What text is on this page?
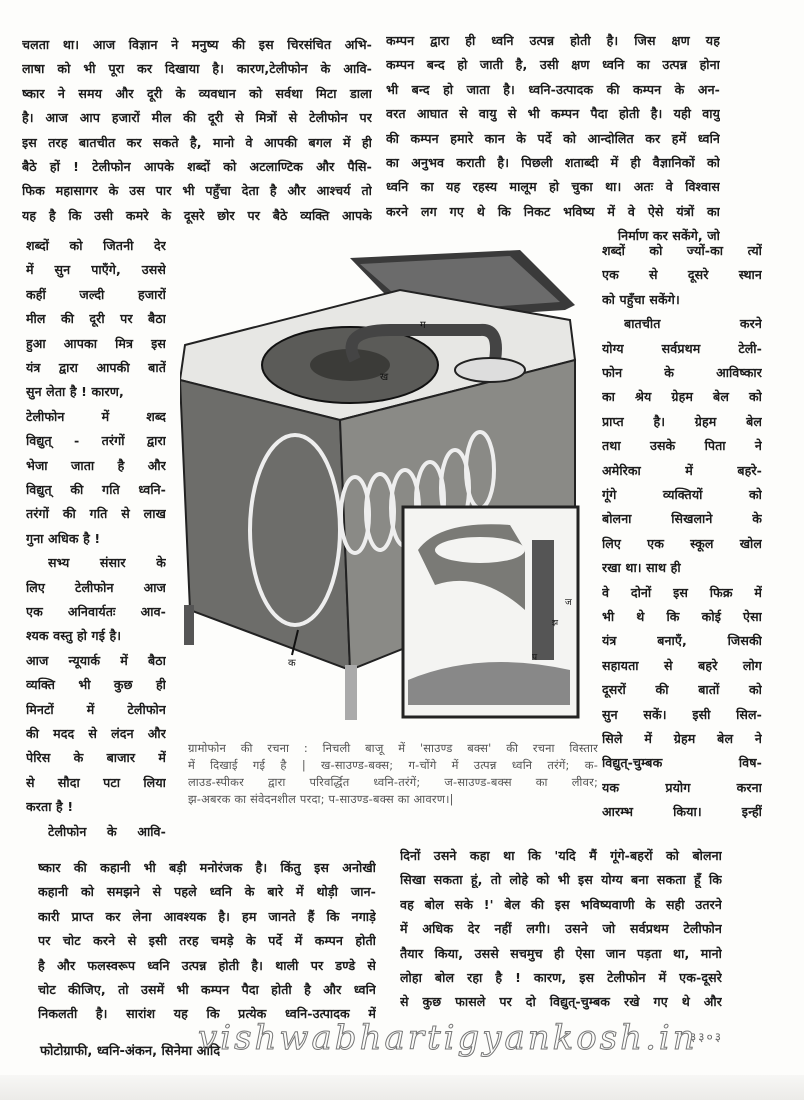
चलता था। आज विज्ञान ने मनुष्य की इस चिरसंचित अभि-
लाषा को भी पूरा कर दिखाया है। कारण,टेलीफोन के आवि-
ष्कार ने समय और दूरी के व्यवधान को सर्वथा मिटा डाला
है। आज आप हजारों मील की दूरी से मित्रों से टेलीफोन पर
इस तरह बातचीत कर सकते है, मानो वे आपकी बगल में ही
बैठे हों ! टेलीफोन आपके शब्दों को अटलाण्टिक और पैसि-
फिक महासागर के उस पार भी पहुँचा देता है और आश्चर्य तो
यह है कि उसी कमरे के दूसरे छोर पर बैठे व्यक्ति आपके
कम्पन द्वारा ही ध्वनि उत्पन्न होती है। जिस क्षण यह
कम्पन बन्द हो जाती है, उसी क्षण ध्वनि का उत्पन्न होना
भी बन्द हो जाता है। ध्वनि-उत्पादक की कम्पन के अन-
वरत आघात से वायु से भी कम्पन पैदा होती है। यही वायु
की कम्पन हमारे कान के पर्दे को आन्दोलित कर हमें ध्वनि
का अनुभव कराती है। पिछली शताब्दी में ही वैज्ञानिकों को
ध्वनि का यह रहस्य मालूम हो चुका था। अतः वे विश्वास
करने लग गए थे कि निकट भविष्य में वे ऐसे यंत्रों का
निर्माण कर सकेंगे, जो
शब्दों को जितनी देर
में सुन पाएँगे, उससे
कहीं जल्दी हजारों
मील की दूरी पर बैठा
हुआ आपका मित्र इस
यंत्र द्वारा आपकी बातें
सुन लेता है ! कारण,
टेलीफोन में शब्द
विद्युत् - तरंगों द्वारा
भेजा जाता है और
विद्युत् की गति ध्वनि-
तरंगों की गति से लाख
गुना अधिक है !
सभ्य संसार के
लिए टेलीफोन आज
एक अनिवार्यतः आव-
श्यक वस्तु हो गई है।
आज न्यूयार्क में बैठा
व्यक्ति भी कुछ ही
मिनटों में टेलीफोन
की मदद से लंदन और
पेरिस के बाजार में
से सौदा पटा लिया
करता है !
टेलीफोन के आवि-
शब्दों को ज्यों-का त्यों
एक से दूसरे स्थान
को पहुँचा सकेंगे।
बातचीत करने
योग्य सर्वप्रथम टेली-
फोन के आविष्कार
का श्रेय ग्रेहम बेल को
प्राप्त है। ग्रेहम बेल
तथा उसके पिता ने
अमेरिका में बहरे-
गूंगे व्यक्तियों को
बोलना सिखलाने के
लिए एक स्कूल खोल
रखा था। साथ ही
वे दोनों इस फिक्र में
भी थे कि कोई ऐसा
यंत्र बनाएँ, जिसकी
सहायता से बहरे लोग
दूसरों की बातों को
सुन सकें। इसी सिल-
सिले में ग्रेहम बेल ने
विद्युत्-चुम्बक विष-
यक प्रयोग करना
आरम्भ किया। इन्हीं
ग
ख
क
ज
झ
प
ग्रामोफोन की रचना : निचली बाजू में 'साउण्ड बक्स' की रचना विस्तार
में दिखाई गई है | ख-साउण्ड-बक्स; ग-चोंगे में उत्पन्न ध्वनि तरंगें; क-
लाउड-स्पीकर द्वारा परिवर्द्धित ध्वनि-तरंगें; ज-साउण्ड-बक्स का लीवर;
झ-अबरक का संवेदनशील परदा; प-साउण्ड-बक्स का आवरण।|
ष्कार की कहानी भी बड़ी मनोरंजक है। किंतु इस अनोखी
कहानी को समझने से पहले ध्वनि के बारे में थोड़ी जान-
कारी प्राप्त कर लेना आवश्यक है। हम जानते हैं कि नगाड़े
पर चोट करने से इसी तरह चमड़े के पर्दे में कम्पन होती
है और फलस्वरूप ध्वनि उत्पन्न होती है। थाली पर डण्डे से
चोट कीजिए, तो उसमें भी कम्पन पैदा होती है और ध्वनि
निकलती है। सारांश यह कि प्रत्येक ध्वनि-उत्पादक में
दिनों उसने कहा था कि 'यदि मैं गूंगे-बहरों को बोलना
सिखा सकता हूं, तो लोहे को भी इस योग्य बना सकता हूँ कि
वह बोल सके !' बेल की इस भविष्यवाणी के सही उतरने
में अधिक देर नहीं लगी। उसने जो सर्वप्रथम टेलीफोन
तैयार किया, उससे सचमुच ही ऐसा जान पड़ता था, मानो
लोहा बोल रहा है ! कारण, इस टेलीफोन में एक-दूसरे
से कुछ फासले पर दो विद्युत्-चुम्बक रखे गए थे और
फोटोग्राफी, ध्वनि-अंकन, सिनेमा आदि
३३०३
vishwabhartigyankosh.in
